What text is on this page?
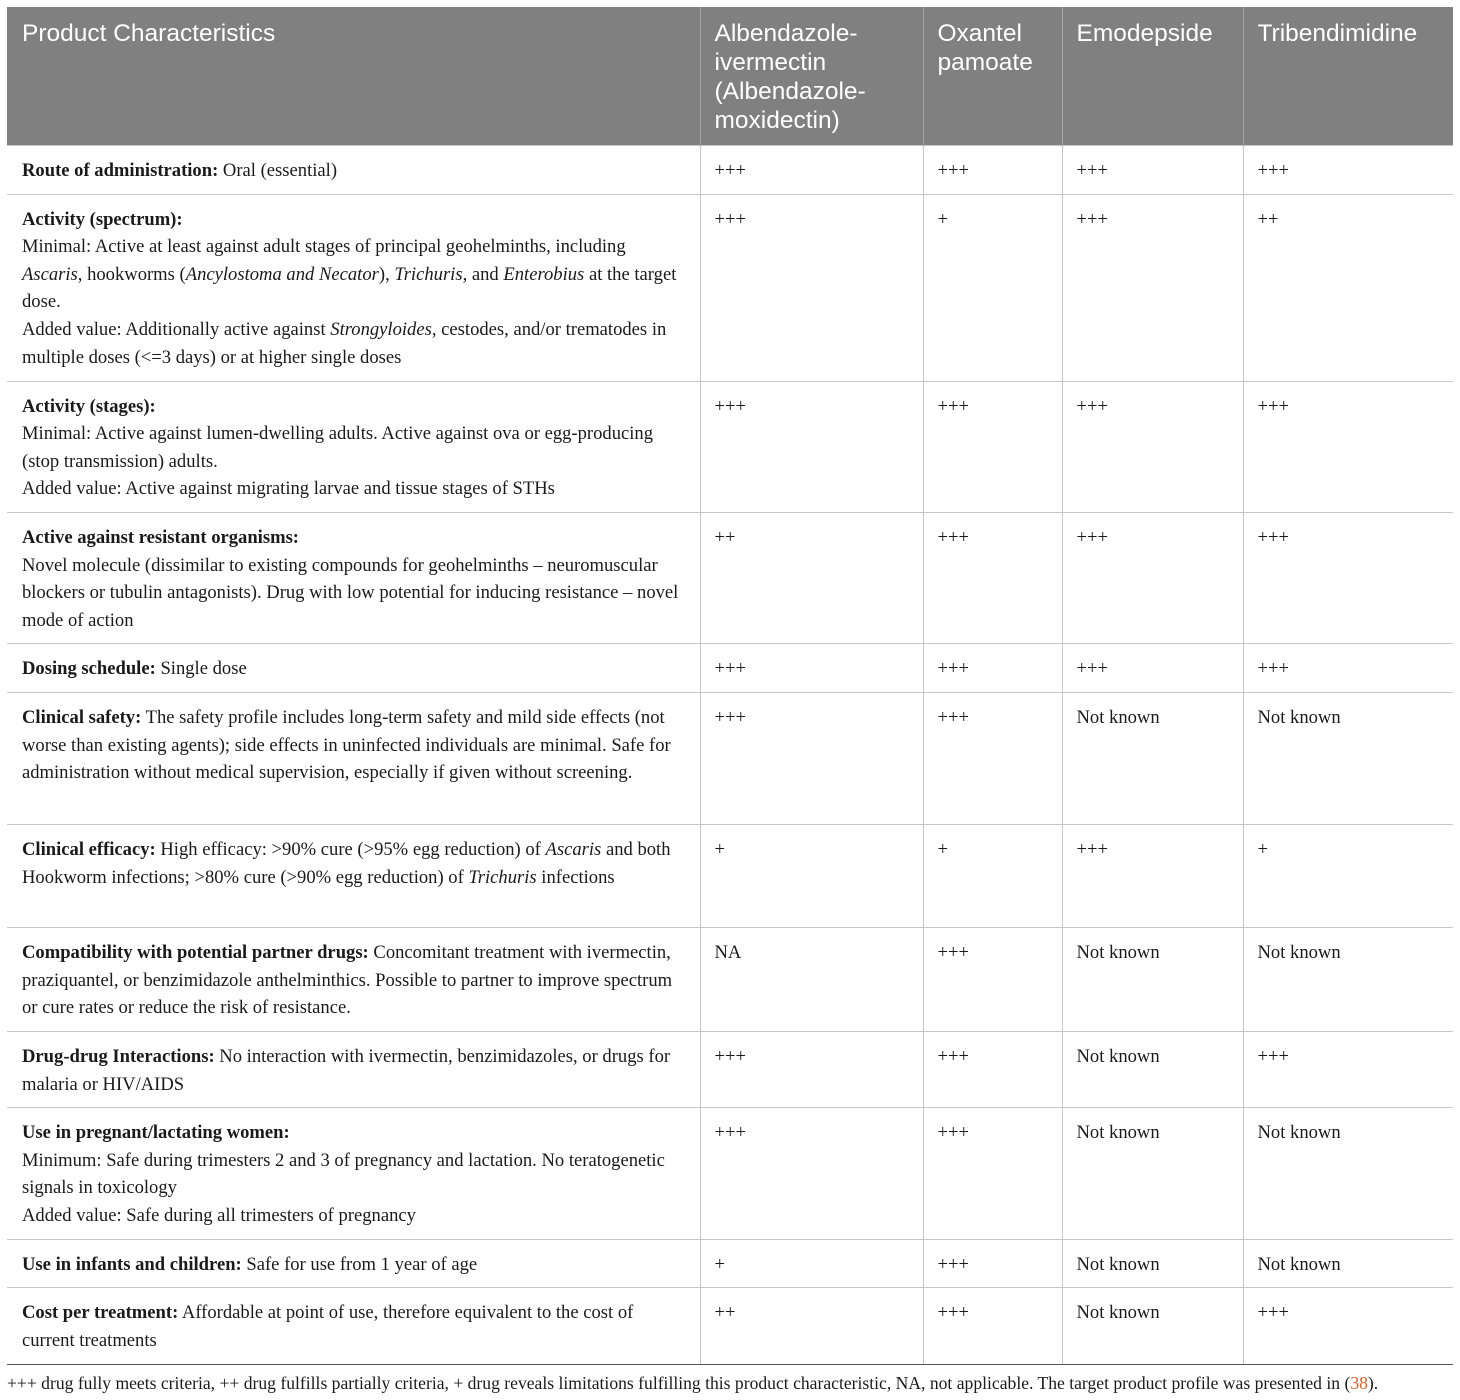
Product Characteristics	Albendazole-ivermectin (Albendazole-moxidectin)	Oxantel pamoate	Emodepside	Tribendimidine
Route of administration: Oral (essential)	+++	+++	+++	+++

Activity (spectrum):
Minimal: Active at least against adult stages of principal geohelminths, including Ascaris, hookworms (Ancylostoma and Necator), Trichuris, and Enterobius at the target dose.
Added value: Additionally active against Strongyloides, cestodes, and/or trematodes in multiple doses (<=3 days) or at higher single doses	+++	+	+++	++

Activity (stages):
Minimal: Active against lumen-dwelling adults. Active against ova or egg-producing (stop transmission) adults.
Added value: Active against migrating larvae and tissue stages of STHs	+++	+++	+++	+++

Active against resistant organisms:
Novel molecule (dissimilar to existing compounds for geohelminths – neuromuscular blockers or tubulin antagonists). Drug with low potential for inducing resistance – novel mode of action	++	+++	+++	+++
Dosing schedule: Single dose	+++	+++	+++	+++
Clinical safety: The safety profile includes long-term safety and mild side effects (not worse than existing agents); side effects in uninfected individuals are minimal. Safe for administration without medical supervision, especially if given without screening.	+++	+++	Not known	Not known
Clinical efficacy: High efficacy: >90% cure (>95% egg reduction) of Ascaris and both Hookworm infections; >80% cure (>90% egg reduction) of Trichuris infections	+	+	+++	+
Compatibility with potential partner drugs: Concomitant treatment with ivermectin, praziquantel, or benzimidazole anthelminthics. Possible to partner to improve spectrum or cure rates or reduce the risk of resistance.	NA	+++	Not known	Not known
Drug-drug Interactions: No interaction with ivermectin, benzimidazoles, or drugs for malaria or HIV/AIDS	+++	+++	Not known	+++

Use in pregnant/lactating women:
Minimum: Safe during trimesters 2 and 3 of pregnancy and lactation. No teratogenetic signals in toxicology
Added value: Safe during all trimesters of pregnancy	+++	+++	Not known	Not known
Use in infants and children: Safe for use from 1 year of age	+	+++	Not known	Not known
Cost per treatment: Affordable at point of use, therefore equivalent to the cost of current treatments	++	+++	Not known	+++
+++ drug fully meets criteria, ++ drug fulfills partially criteria, + drug reveals limitations fulfilling this product characteristic, NA, not applicable. The target product profile was presented in (38).
